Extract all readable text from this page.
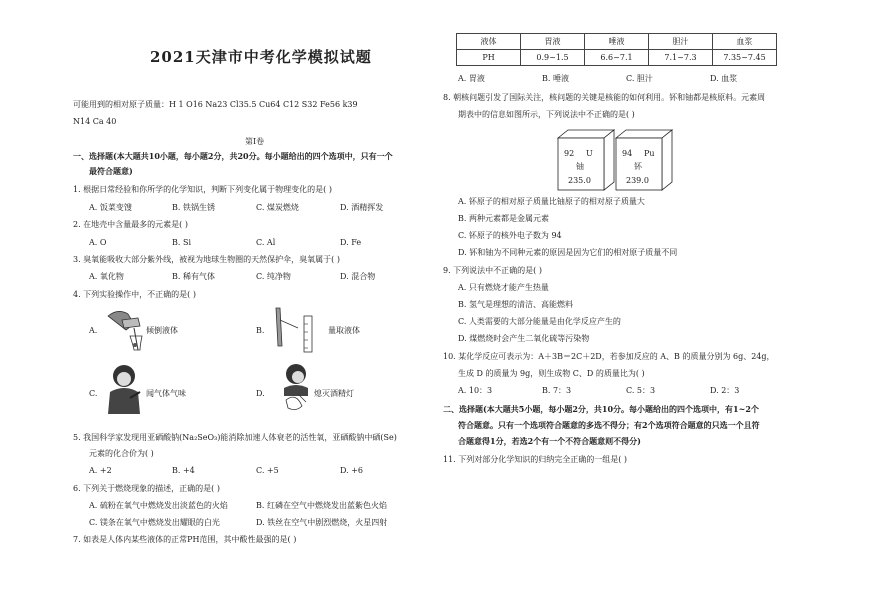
2021天津市中考化学模拟试题
可能用到的相对原子质量：H 1 O16 Na23 Cl35.5 Cu64 C12 S32 Fe56 k39
N14 Ca 40
第Ⅰ卷
一、选择题(本大题共10小题，每小题2分，共20分。每小题给出的四个选项中，只有一个
最符合题意)
1. 根据日常经验和你所学的化学知识，判断下列变化属于物理变化的是( )
A. 饭菜变馊	B. 铁锅生锈	C. 煤炭燃烧	D. 酒精挥发
2. 在地壳中含量最多的元素是( )
A. O	B. Si	C. Al	D. Fe
3. 臭氧能吸收大部分紫外线，被视为地球生物圈的天然保护伞，臭氧属于( )
A. 氧化物	B. 稀有气体	C. 纯净物	D. 混合物
4. 下列实验操作中，不正确的是( )
A.	倾倒液体	B.	量取液体
C.	闻气体气味	D.	熄灭酒精灯
5. 我国科学家发现用亚硒酸钠(Na₂SeO₃)能消除加速人体衰老的活性氧，亚硒酸钠中硒(Se)
元素的化合价为( )
A. +2	B. +4	C. +5	D. +6
6. 下列关于燃烧现象的描述，正确的是( )
A. 硫粉在氧气中燃烧发出淡蓝色的火焰	B. 红磷在空气中燃烧发出蓝紫色火焰
C. 镁条在氧气中燃烧发出耀眼的白光	D. 铁丝在空气中剧烈燃烧，火星四射
7. 如表是人体内某些液体的正常PH范围，其中酸性最强的是( )
液体	胃液	唾液	胆汁	血浆
PH	0.9~1.5	6.6~7.1	7.1~7.3	7.35~7.45
A. 胃液	B. 唾液	C. 胆汁	D. 血浆
8. 朝核问题引发了国际关注，核问题的关键是核能的如何利用。钚和铀都是核原料。元素周
期表中的信息如图所示，下列说法中不正确的是( )
92 U
铀
235.0
94 Pu
钚
239.0
A. 钚原子的相对原子质量比铀原子的相对原子质量大
B. 两种元素都是金属元素
C. 钚原子的核外电子数为 94
D. 钚和铀为不同种元素的原因是因为它们的相对原子质量不同
9. 下列说法中不正确的是( )
A. 只有燃烧才能产生热量
B. 氢气是理想的清洁、高能燃料
C. 人类需要的大部分能量是由化学反应产生的
D. 煤燃烧时会产生二氧化硫等污染物
10. 某化学反应可表示为：A＋3B＝2C＋2D，若参加反应的 A、B 的质量分别为 6g、24g，
生成 D 的质量为 9g，则生成物 C、D 的质量比为( )
A. 10：3	B. 7：3	C. 5：3	D. 2：3
二、选择题(本大题共5小题，每小题2分，共10分。每小题给出的四个选项中，有1~2个
符合题意。只有一个选项符合题意的多选不得分；有2个选项符合题意的只选一个且符
合题意得1分，若选2个有一个不符合题意则不得分)
11. 下列对部分化学知识的归纳完全正确的一组是( )
